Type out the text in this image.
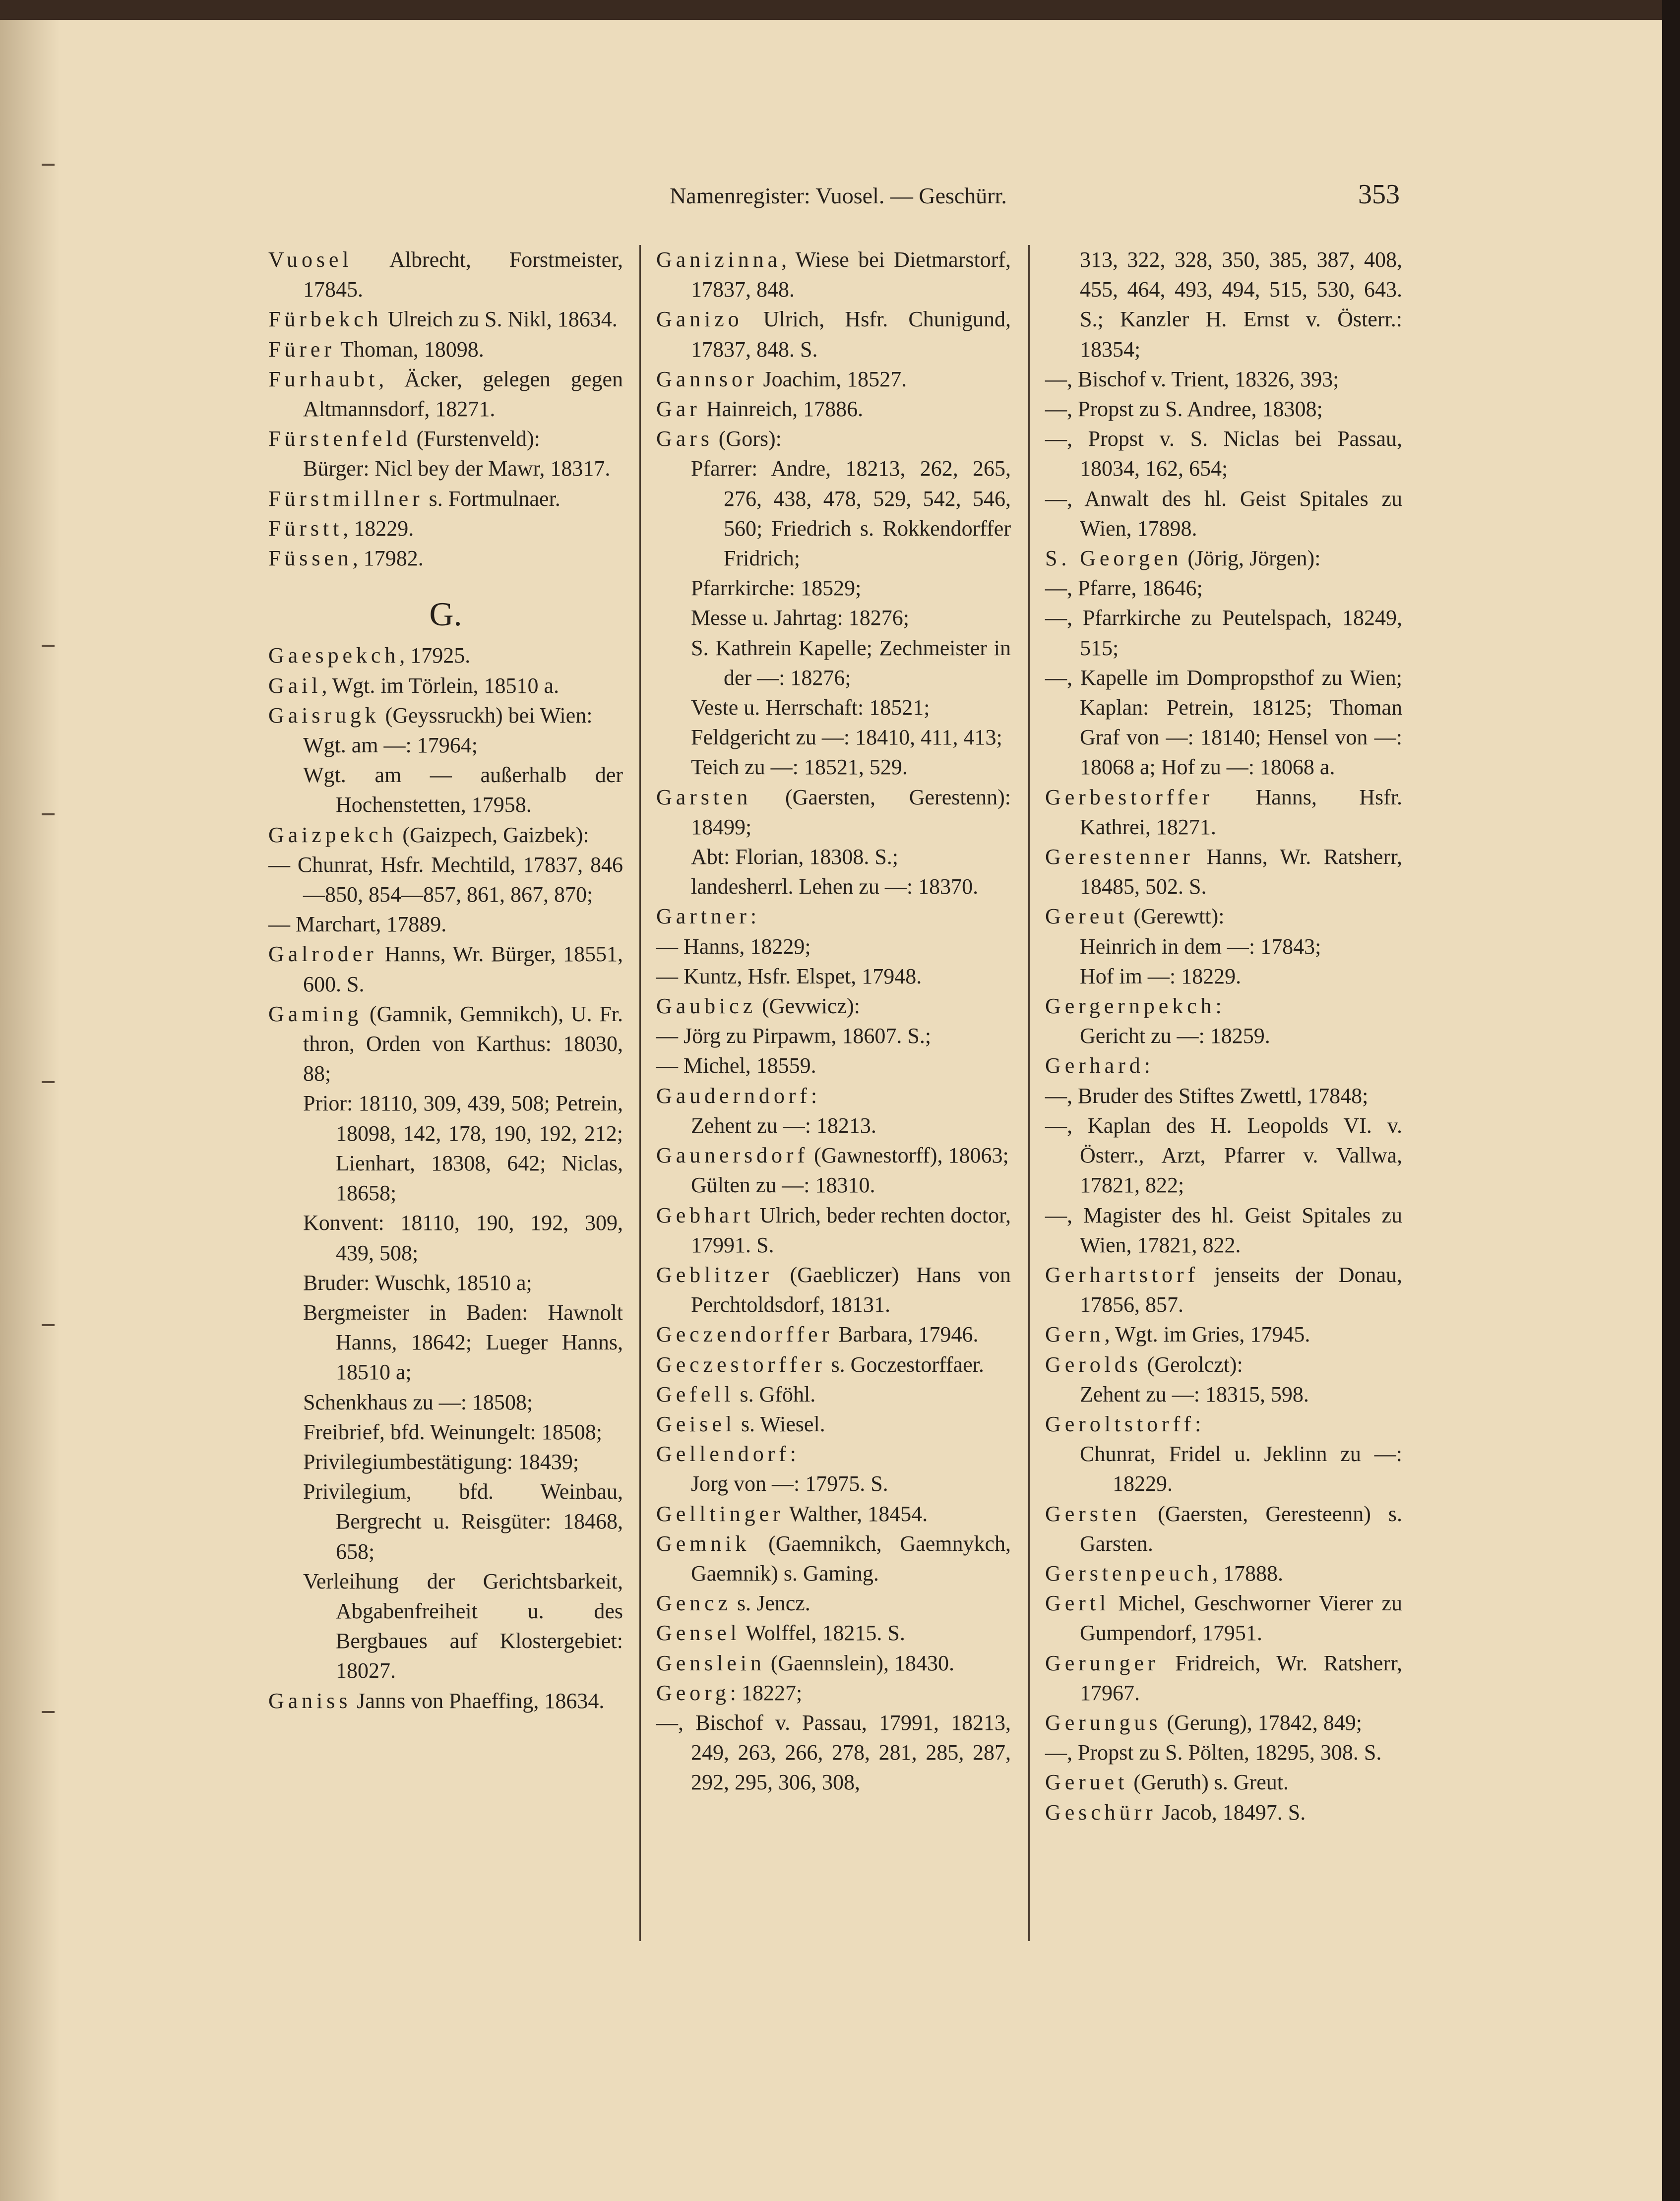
Namenregister: Vuosel. — Geschürr.	353
Vuosel Albrecht, Forstmeister, 17845.
Fürbekch Ulreich zu S. Nikl, 18634.
Fürer Thoman, 18098.
Furhaubt, Äcker, gelegen gegen Altmannsdorf, 18271.
Fürstenfeld (Furstenveld):
Bürger: Nicl bey der Mawr, 18317.
Fürstmillner s. Fortmulnaer.
Fürstt, 18229.
Füssen, 17982.
G.
Gaespekch, 17925.
Gail, Wgt. im Törlein, 18510 a.
Gaisrugk (Geyssruckh) bei Wien:
Wgt. am —: 17964;
Wgt. am — außerhalb der Hochenstetten, 17958.
Gaizpekch (Gaizpech, Gaizbek):
— Chunrat, Hsfr. Mechtild, 17837, 846—850, 854—857, 861, 867, 870;
— Marchart, 17889.
Galroder Hanns, Wr. Bürger, 18551, 600. S.
Gaming (Gamnik, Gemnikch), U. Fr. thron, Orden von Karthus: 18030, 88;
Prior: 18110, 309, 439, 508; Petrein, 18098, 142, 178, 190, 192, 212; Lienhart, 18308, 642; Niclas, 18658;
Konvent: 18110, 190, 192, 309, 439, 508;
Bruder: Wuschk, 18510 a;
Bergmeister in Baden: Hawnolt Hanns, 18642; Lueger Hanns, 18510 a;
Schenkhaus zu —: 18508;
Freibrief, bfd. Weinungelt: 18508;
Privilegiumbestätigung: 18439;
Privilegium, bfd. Weinbau, Bergrecht u. Reisgüter: 18468, 658;
Verleihung der Gerichtsbarkeit, Abgabenfreiheit u. des Bergbaues auf Klostergebiet: 18027.
Ganiss Janns von Phaeffing, 18634.
Ganizinna, Wiese bei Dietmarstorf, 17837, 848.
Ganizo Ulrich, Hsfr. Chunigund, 17837, 848. S.
Gannsor Joachim, 18527.
Gar Hainreich, 17886.
Gars (Gors):
Pfarrer: Andre, 18213, 262, 265, 276, 438, 478, 529, 542, 546, 560; Friedrich s. Rokkendorffer Fridrich;
Pfarrkirche: 18529;
Messe u. Jahrtag: 18276;
S. Kathrein Kapelle; Zechmeister in der —: 18276;
Veste u. Herrschaft: 18521;
Feldgericht zu —: 18410, 411, 413;
Teich zu —: 18521, 529.
Garsten (Gaersten, Gerestenn): 18499;
Abt: Florian, 18308. S.;
landesherrl. Lehen zu —: 18370.
Gartner:
— Hanns, 18229;
— Kuntz, Hsfr. Elspet, 17948.
Gaubicz (Gevwicz):
— Jörg zu Pirpawm, 18607. S.;
— Michel, 18559.
Gauderndorf:
Zehent zu —: 18213.
Gaunersdorf (Gawnestorff), 18063;
Gülten zu —: 18310.
Gebhart Ulrich, beder rechten doctor, 17991. S.
Geblitzer (Gaebliczer) Hans von Perchtoldsdorf, 18131.
Geczendorffer Barbara, 17946.
Geczestorffer s. Goczestorffaer.
Gefell s. Gföhl.
Geisel s. Wiesel.
Gellendorf:
Jorg von —: 17975. S.
Gelltinger Walther, 18454.
Gemnik (Gaemnikch, Gaemnykch, Gaemnik) s. Gaming.
Gencz s. Jencz.
Gensel Wolffel, 18215. S.
Genslein (Gaennslein), 18430.
Georg: 18227;
—, Bischof v. Passau, 17991, 18213, 249, 263, 266, 278, 281, 285, 287, 292, 295, 306, 308,
313, 322, 328, 350, 385, 387, 408, 455, 464, 493, 494, 515, 530, 643. S.; Kanzler H. Ernst v. Österr.: 18354;
—, Bischof v. Trient, 18326, 393;
—, Propst zu S. Andree, 18308;
—, Propst v. S. Niclas bei Passau, 18034, 162, 654;
—, Anwalt des hl. Geist Spitales zu Wien, 17898.
S. Georgen (Jörig, Jörgen):
—, Pfarre, 18646;
—, Pfarrkirche zu Peutelspach, 18249, 515;
—, Kapelle im Dompropsthof zu Wien; Kaplan: Petrein, 18125; Thoman Graf von —: 18140; Hensel von —: 18068 a; Hof zu —: 18068 a.
Gerbestorffer Hanns, Hsfr. Kathrei, 18271.
Gerestenner Hanns, Wr. Ratsherr, 18485, 502. S.
Gereut (Gerewtt):
Heinrich in dem —: 17843;
Hof im —: 18229.
Gergernpekch:
Gericht zu —: 18259.
Gerhard:
—, Bruder des Stiftes Zwettl, 17848;
—, Kaplan des H. Leopolds VI. v. Österr., Arzt, Pfarrer v. Vallwa, 17821, 822;
—, Magister des hl. Geist Spitales zu Wien, 17821, 822.
Gerhartstorf jenseits der Donau, 17856, 857.
Gern, Wgt. im Gries, 17945.
Gerolds (Gerolczt):
Zehent zu —: 18315, 598.
Geroltstorff:
Chunrat, Fridel u. Jeklinn zu —: 18229.
Gersten (Gaersten, Geresteenn) s. Garsten.
Gerstenpeuch, 17888.
Gertl Michel, Geschworner Vierer zu Gumpendorf, 17951.
Gerunger Fridreich, Wr. Ratsherr, 17967.
Gerungus (Gerung), 17842, 849;
—, Propst zu S. Pölten, 18295, 308. S.
Geruet (Geruth) s. Greut.
Geschürr Jacob, 18497. S.
